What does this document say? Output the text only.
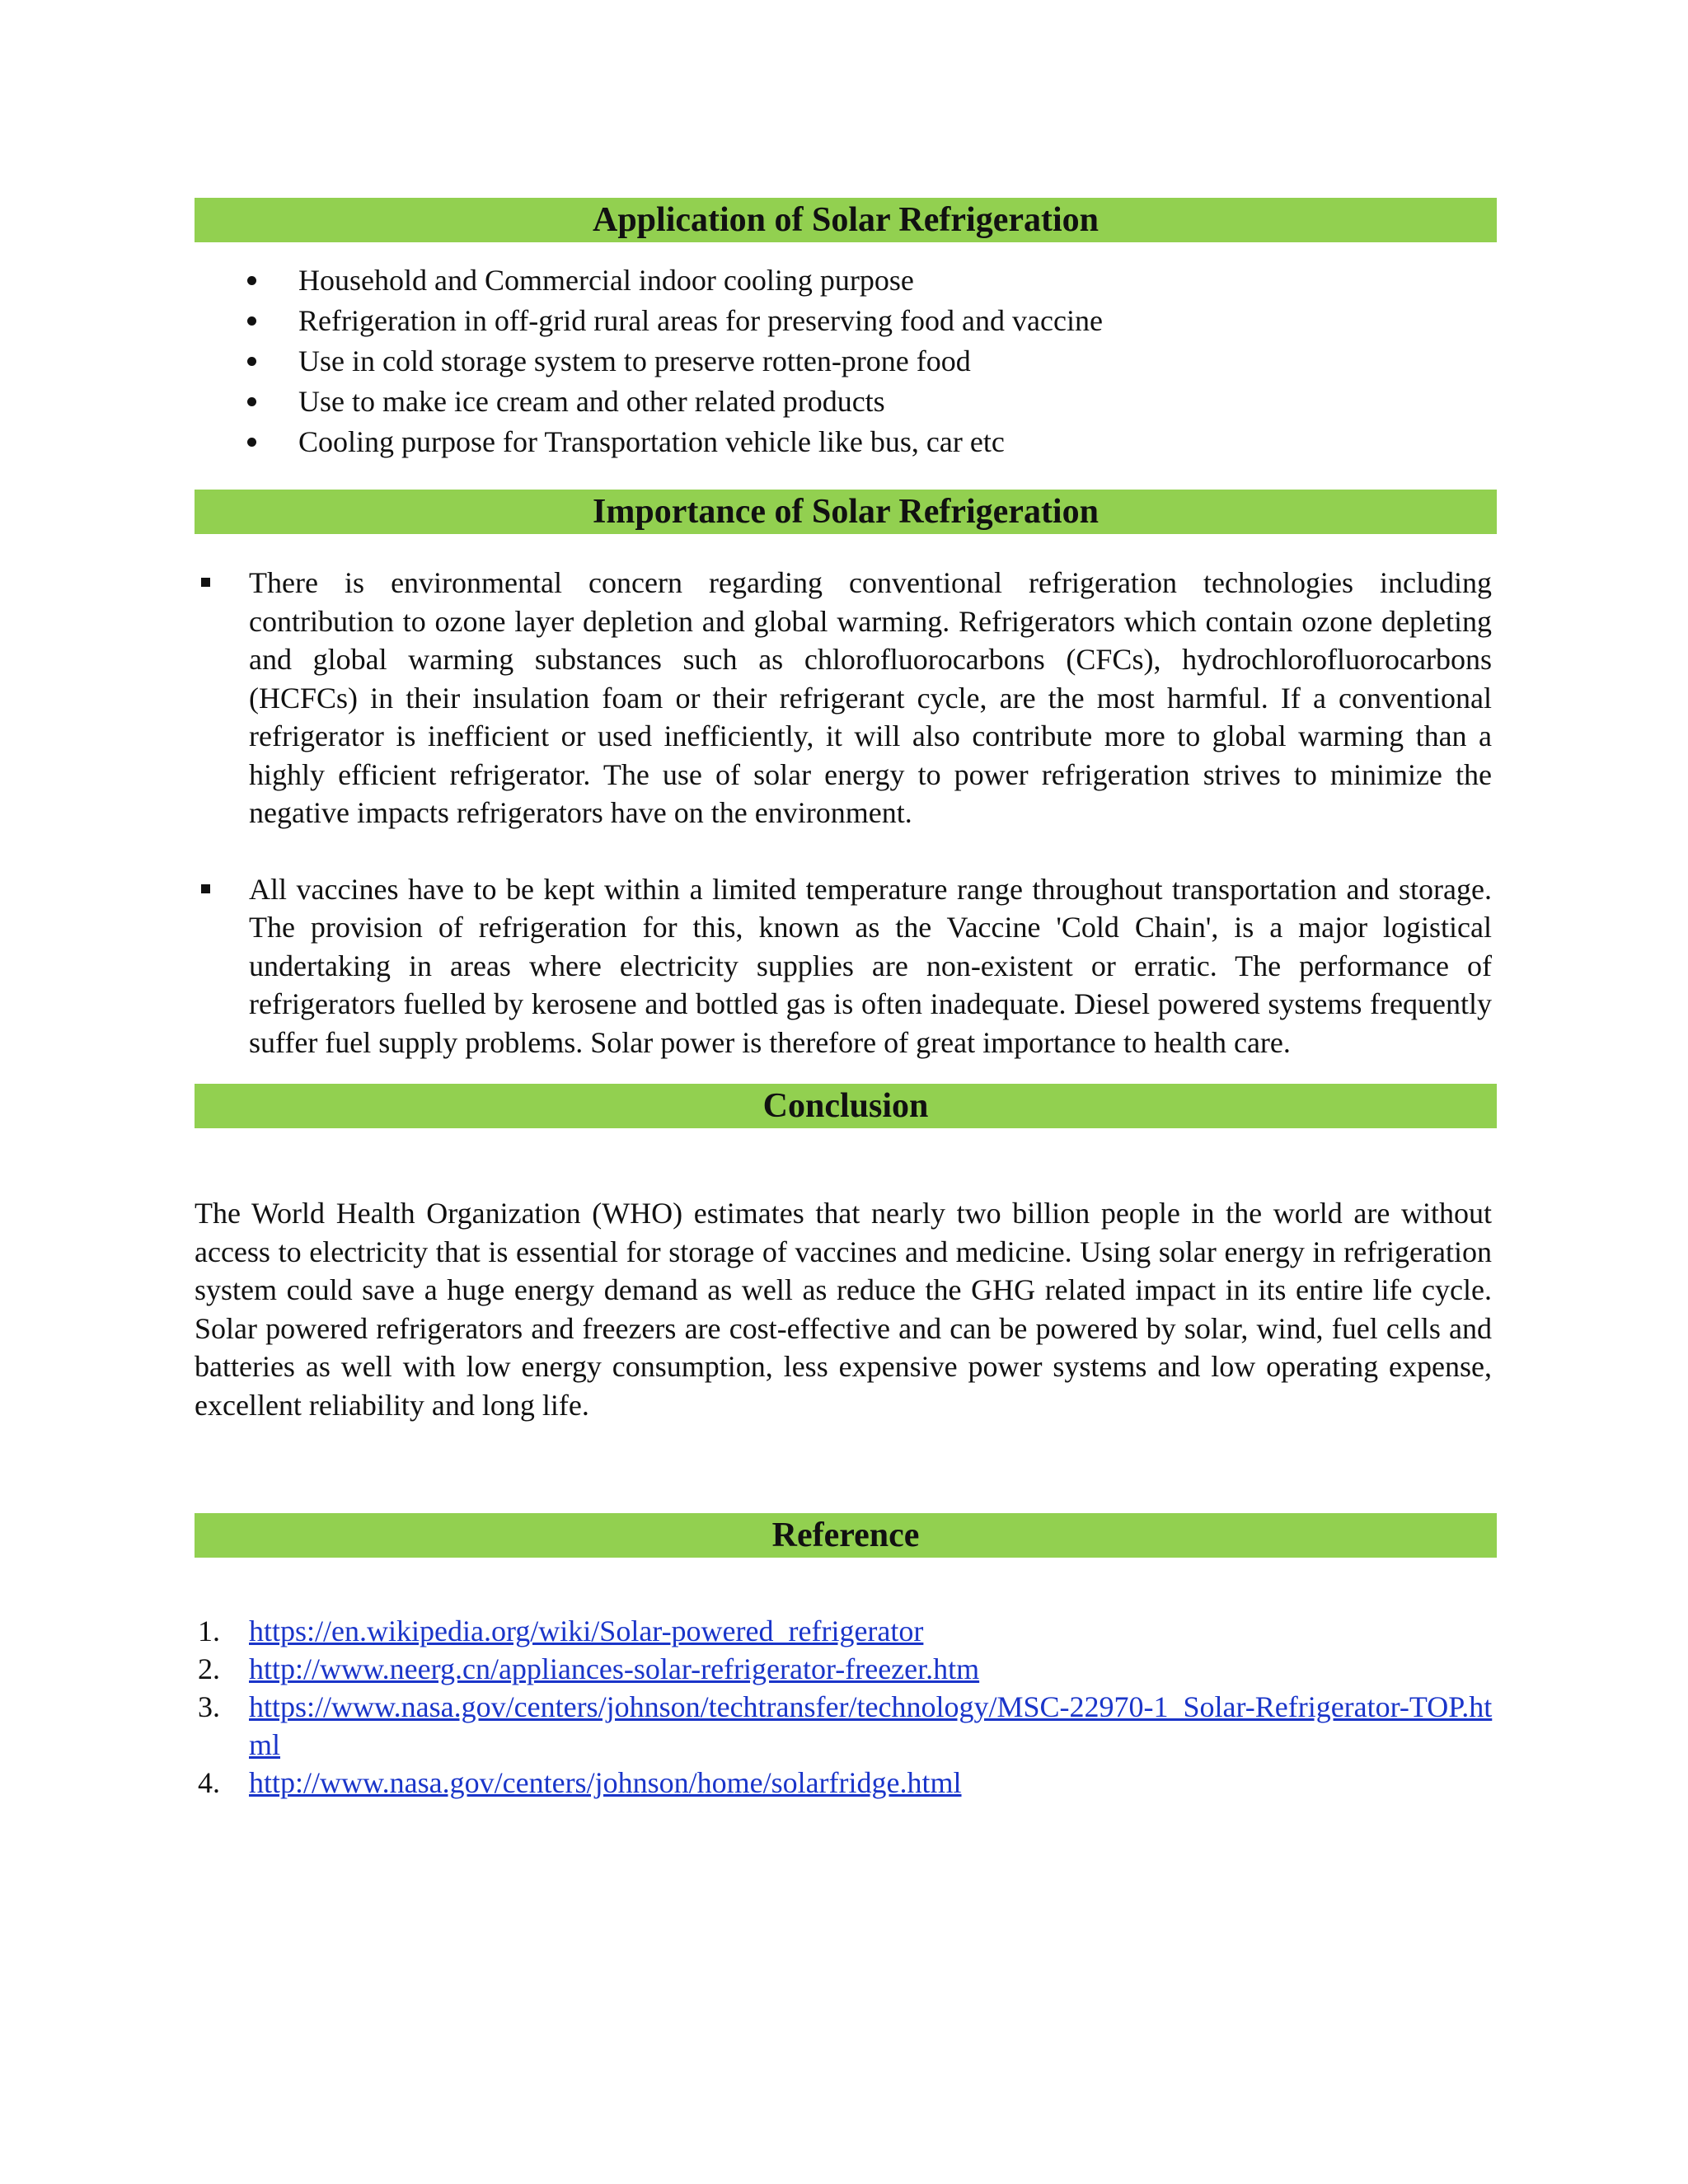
Application of Solar Refrigeration
Household and Commercial indoor cooling purpose
Refrigeration in off-grid rural areas for preserving food and vaccine
Use in cold storage system to preserve rotten-prone food
Use to make ice cream and other related products
Cooling purpose for Transportation vehicle like bus, car etc
Importance of Solar Refrigeration
There is environmental concern regarding conventional refrigeration technologies including contribution to ozone layer depletion and global warming. Refrigerators which contain ozone depleting and global warming substances such as chlorofluorocarbons (CFCs), hydrochlorofluorocarbons (HCFCs) in their insulation foam or their refrigerant cycle, are the most harmful. If a conventional refrigerator is inefficient or used inefficiently, it will also contribute more to global warming than a highly efficient refrigerator. The use of solar energy to power refrigeration strives to minimize the negative impacts refrigerators have on the environment.
All vaccines have to be kept within a limited temperature range throughout transportation and storage. The provision of refrigeration for this, known as the Vaccine 'Cold Chain', is a major logistical undertaking in areas where electricity supplies are non-existent or erratic. The performance of refrigerators fuelled by kerosene and bottled gas is often inadequate. Diesel powered systems frequently suffer fuel supply problems. Solar power is therefore of great importance to health care.
Conclusion

The World Health Organization (WHO) estimates that nearly two billion people in the world are without access to electricity that is essential for storage of vaccines and medicine. Using solar energy in refrigeration system could save a huge energy demand as well as reduce the GHG related impact in its entire life cycle. Solar powered refrigerators and freezers are cost-effective and can be powered by solar, wind, fuel cells and batteries as well with low energy consumption, less expensive power systems and low operating expense, excellent reliability and long life.

Reference
1. https://en.wikipedia.org/wiki/Solar-powered_refrigerator
2. http://www.neerg.cn/appliances-solar-refrigerator-freezer.htm
3. https://www.nasa.gov/centers/johnson/techtransfer/technology/MSC-22970-1_Solar-Refrigerator-TOP.html
4. http://www.nasa.gov/centers/johnson/home/solarfridge.html
